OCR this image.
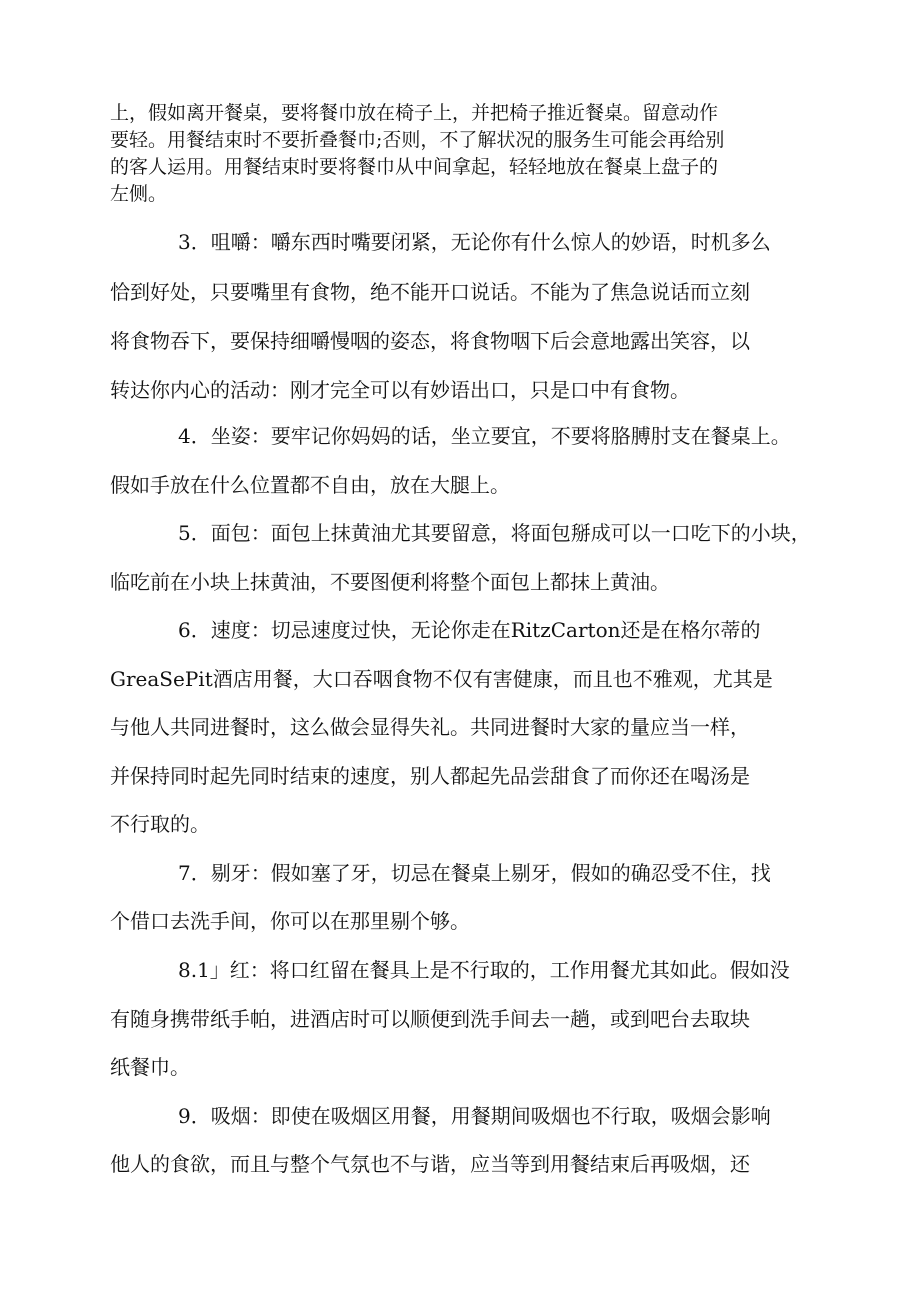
上，假如离开餐桌，要将餐巾放在椅子上，并把椅子推近餐桌。留意动作
要轻。用餐结束时不要折叠餐巾;否则，不了解状况的服务生可能会再给别
的客人运用。用餐结束时要将餐巾从中间拿起，轻轻地放在餐桌上盘子的
左侧。
3．咀嚼：嚼东西时嘴要闭紧，无论你有什么惊人的妙语，时机多么
恰到好处，只要嘴里有食物，绝不能开口说话。不能为了焦急说话而立刻
将食物吞下，要保持细嚼慢咽的姿态，将食物咽下后会意地露出笑容，以
转达你内心的活动：刚才完全可以有妙语出口，只是口中有食物。
4．坐姿：要牢记你妈妈的话，坐立要宜，不要将胳膊肘支在餐桌上。
假如手放在什么位置都不自由，放在大腿上。
5．面包：面包上抹黄油尤其要留意，将面包掰成可以一口吃下的小块，
临吃前在小块上抹黄油，不要图便利将整个面包上都抹上黄油。
6．速度：切忌速度过快，无论你走在RitzCarton还是在格尔蒂的
GreaSePit酒店用餐，大口吞咽食物不仅有害健康，而且也不雅观，尤其是
与他人共同进餐时，这么做会显得失礼。共同进餐时大家的量应当一样，
并保持同时起先同时结束的速度，别人都起先品尝甜食了而你还在喝汤是
不行取的。
7．剔牙：假如塞了牙，切忌在餐桌上剔牙，假如的确忍受不住，找
个借口去洗手间，你可以在那里剔个够。
8.1」红：将口红留在餐具上是不行取的，工作用餐尤其如此。假如没
有随身携带纸手帕，进酒店时可以顺便到洗手间去一趟，或到吧台去取块
纸餐巾。
9．吸烟：即使在吸烟区用餐，用餐期间吸烟也不行取，吸烟会影响
他人的食欲，而且与整个气氛也不与谐，应当等到用餐结束后再吸烟，还
